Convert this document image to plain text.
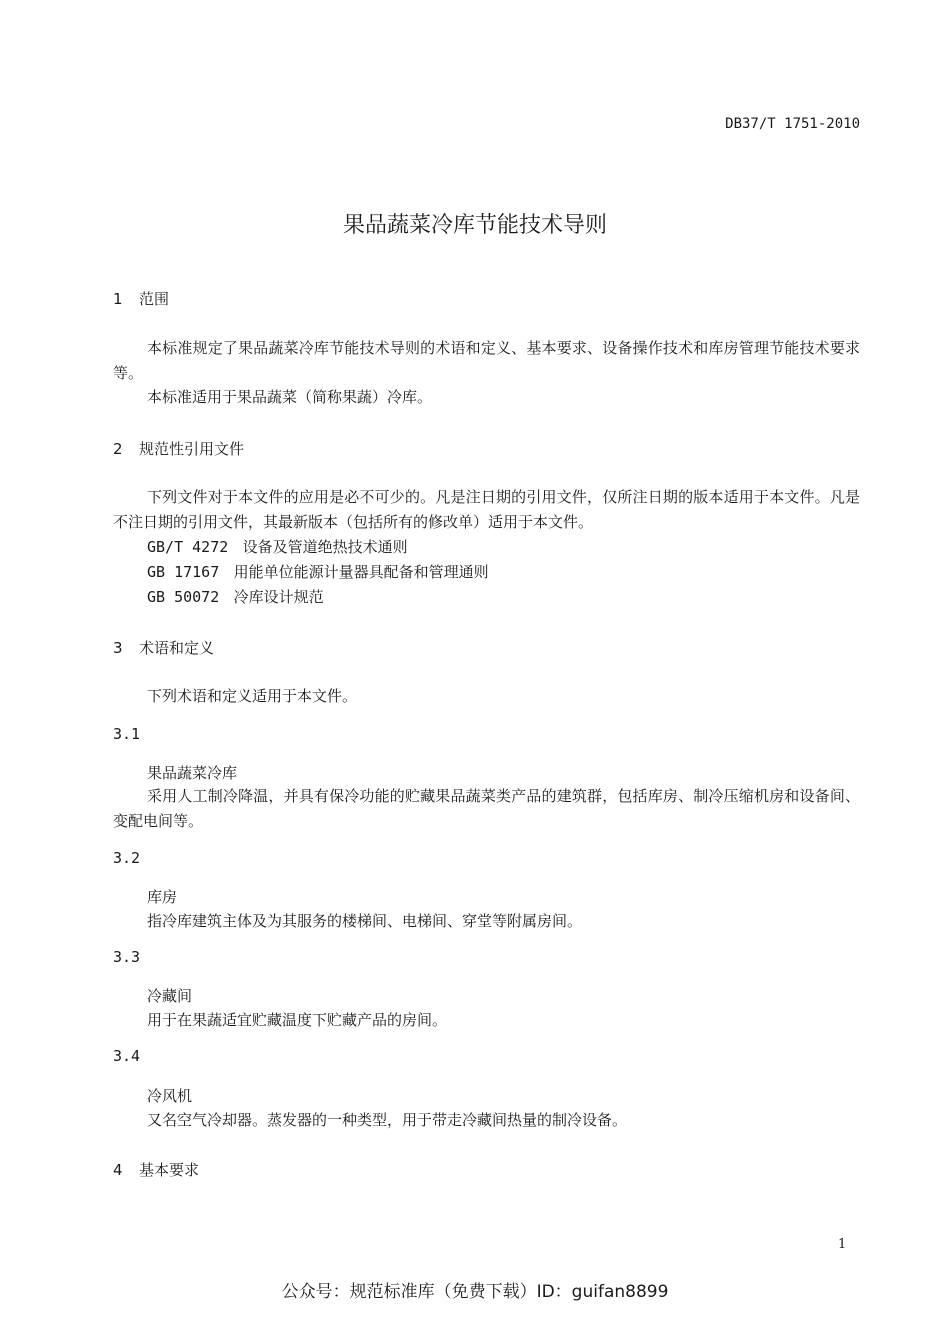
DB37/T 1751-2010
果品蔬菜冷库节能技术导则
1 范围
本标准规定了果品蔬菜冷库节能技术导则的术语和定义、基本要求、设备操作技术和库房管理节能技术要求等。
本标准适用于果品蔬菜（简称果蔬）冷库。
2 规范性引用文件
下列文件对于本文件的应用是必不可少的。凡是注日期的引用文件，仅所注日期的版本适用于本文件。凡是不注日期的引用文件，其最新版本（包括所有的修改单）适用于本文件。
GB/T 4272 设备及管道绝热技术通则
GB 17167 用能单位能源计量器具配备和管理通则
GB 50072 冷库设计规范
3 术语和定义
下列术语和定义适用于本文件。
3.1
果品蔬菜冷库
采用人工制冷降温，并具有保冷功能的贮藏果品蔬菜类产品的建筑群，包括库房、制冷压缩机房和设备间、变配电间等。
3.2
库房
指冷库建筑主体及为其服务的楼梯间、电梯间、穿堂等附属房间。
3.3
冷藏间
用于在果蔬适宜贮藏温度下贮藏产品的房间。
3.4
冷风机
又名空气冷却器。蒸发器的一种类型，用于带走冷藏间热量的制冷设备。
4 基本要求
1
公众号：规范标准库（免费下载）ID：guifan8899
